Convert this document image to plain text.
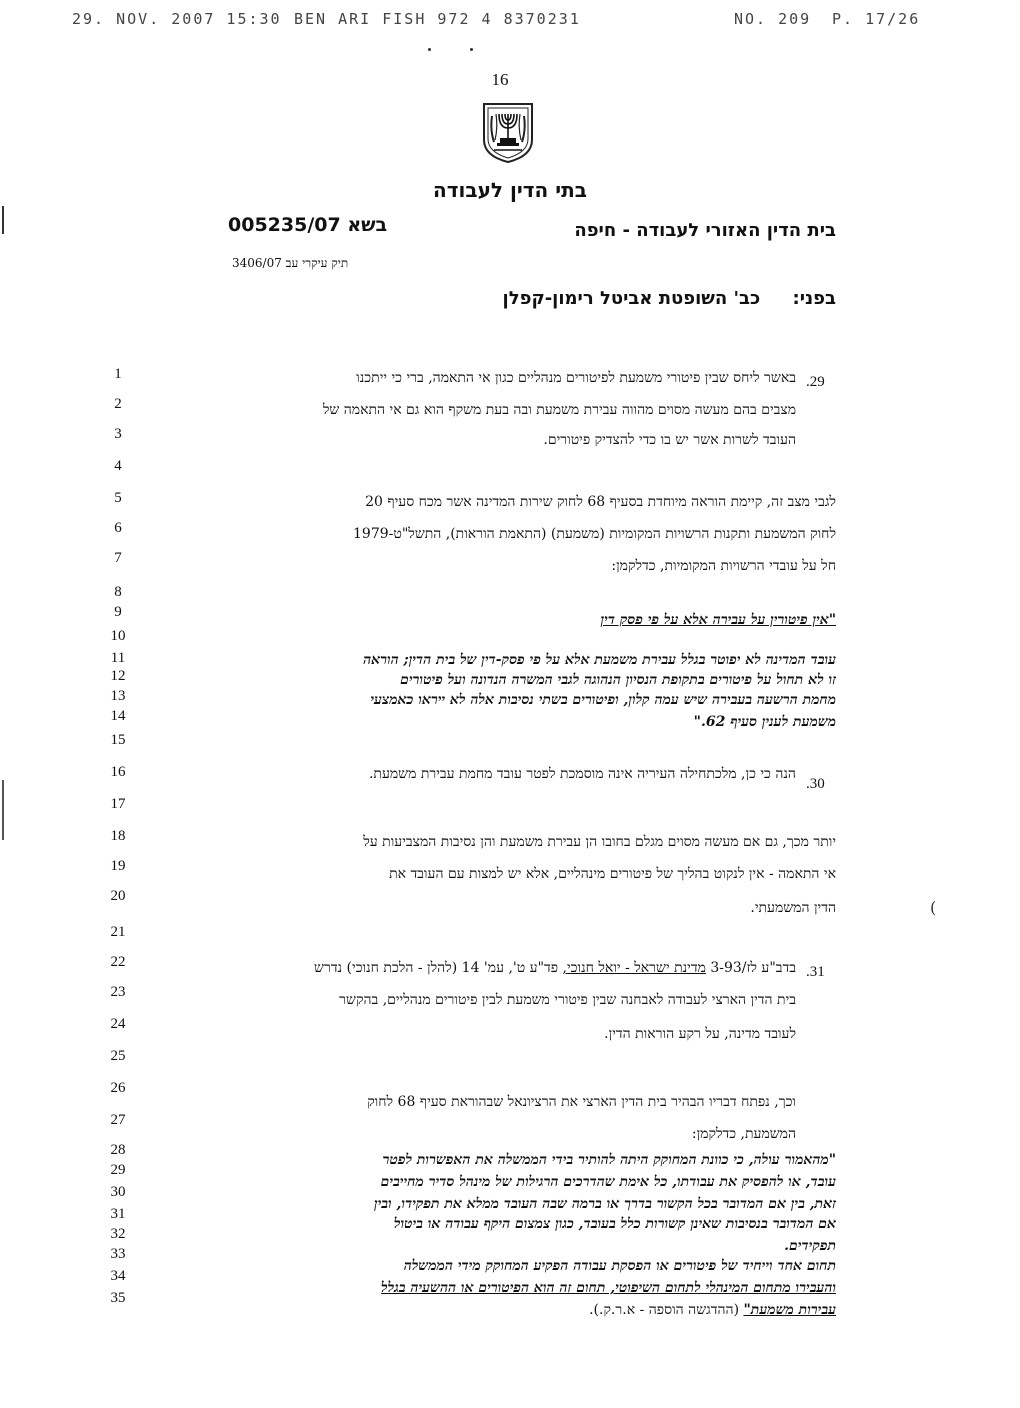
29. NOV. 2007 15:30 BEN ARI FISH 972 4 8370231	NO. 209 P. 17/26
16
בתי הדין לעבודה
בית הדין האזורי לעבודה - חיפה
בשא 005235/07
תיק עיקרי עב 3406/07
בפני: כב' השופטת אביטל רימון-קפלן
1
2
3
4
5
6
7
8
9
10
11
12
13
14
15
16
17
18
19
20
21
22
23
24
25
26
27
28
29
30
31
32
33
34
35
.29
באשר ליחס שבין פיטורי משמעת לפיטורים מנהליים כגון אי התאמה, ברי כי ייתכנו
מצבים בהם מעשה מסוים מהווה עבירת משמעת ובה בעת משקף הוא גם אי התאמה של
העובד לשרות אשר יש בו כדי להצדיק פיטורים.
לגבי מצב זה, קיימת הוראה מיוחדת בסעיף 68 לחוק שירות המדינה אשר מכח סעיף 20
לחוק המשמעת ותקנות הרשויות המקומיות (משמעת) (התאמת הוראות), התשל"ט-1979
חל על עובדי הרשויות המקומיות, כדלקמן:
"אין פיטורין על עבירה אלא על פי פסק דין
עובד המדינה לא יפוטר בגלל עבירת משמעת אלא על פי פסק-דין של בית הדין; הוראה
זו לא תחול על פיטורים בתקופת הנסיון הנהוגה לגבי המשרה הנדונה ועל פיטורים
מחמת הרשעה בעבירה שיש עמה קלון, ופיטורים בשתי נסיבות אלה לא ייראו כאמצעי
משמעת לענין סעיף 62."
.30
הנה כי כן, מלכתחילה העיריה אינה מוסמכת לפטר עובד מחמת עבירת משמעת.
יותר מכך, גם אם מעשה מסוים מגלם בחובו הן עבירת משמעת והן נסיבות המצביעות על
אי התאמה - אין לנקוט בהליך של פיטורים מינהליים, אלא יש למצות עם העובד את
הדין המשמעתי.
.31
בדב"ע לז/3-93 מדינת ישראל - יואל חנוכי, פד"ע ט', עמ' 14 (להלן - הלכת חנוכי) נדרש
בית הדין הארצי לעבודה לאבחנה שבין פיטורי משמעת לבין פיטורים מנהליים, בהקשר
לעובד מדינה, על רקע הוראות הדין.
וכך, נפתח דבריו הבהיר בית הדין הארצי את הרציונאל שבהוראת סעיף 68 לחוק
המשמעת, כדלקמן:
"מהאמור עולה, כי כוונת המחוקק היתה להותיר בידי הממשלה את האפשרות לפטר
עובד, או להפסיק את עבודתו, כל אימת שהדרכים הרגילות של מינהל סדיר מחייבים
זאת, בין אם המדובר בכל הקשור בדרך או ברמה שבה העובד ממלא את תפקידו, ובין
אם המדובר בנסיבות שאינן קשורות כלל בעובד, כגון צמצום היקף עבודה או ביטול
תפקידים.
תחום אחד וייחיד של פיטורים או הפסקת עבודה הפקיע המחוקק מידי הממשלה
והעבירו מתחום המינהלי לתחום השיפוטי, תחום זה הוא הפיטורים או ההשעיה בגלל
עבירות משמעת" (ההדגשה הוספה - א.ר.ק.).
(
